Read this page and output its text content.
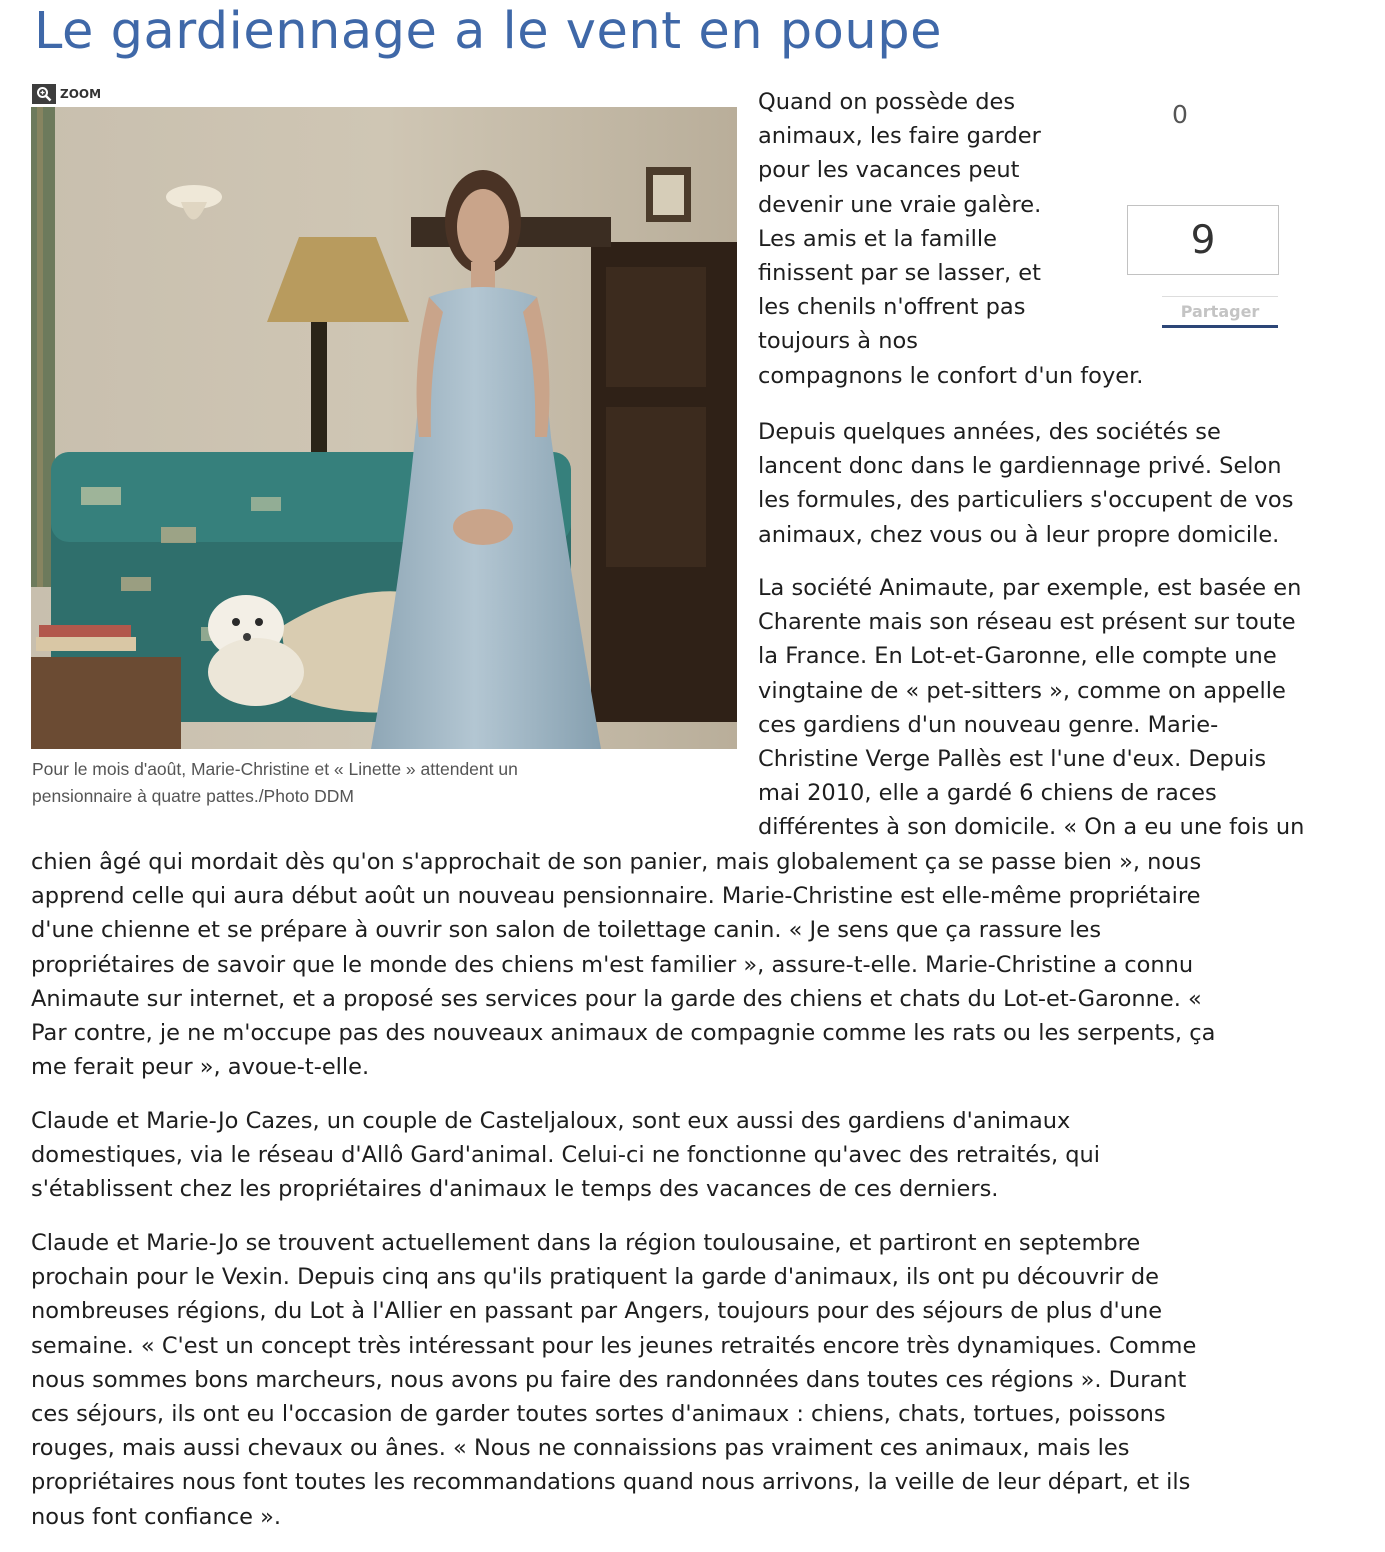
Le gardiennage a le vent en poupe
ZOOM

Pour le mois d'août, Marie-Christine et « Linette » attendent un
pensionnaire à quatre pattes./Photo DDM

0
9
Partager
Quand on possède des
animaux, les faire garder
pour les vacances peut
devenir une vraie galère.
Les amis et la famille
finissent par se lasser, et
les chenils n'offrent pas
toujours à nos
compagnons le confort d'un foyer.
Depuis quelques années, des sociétés se
lancent donc dans le gardiennage privé. Selon
les formules, des particuliers s'occupent de vos
animaux, chez vous ou à leur propre domicile.
La société Animaute, par exemple, est basée en
Charente mais son réseau est présent sur toute
la France. En Lot-et-Garonne, elle compte une
vingtaine de « pet-sitters », comme on appelle
ces gardiens d'un nouveau genre. Marie-
Christine Verge Pallès est l'une d'eux. Depuis
mai 2010, elle a gardé 6 chiens de races
différentes à son domicile. « On a eu une fois un
chien âgé qui mordait dès qu'on s'approchait de son panier, mais globalement ça se passe bien », nous
apprend celle qui aura début août un nouveau pensionnaire. Marie-Christine est elle-même propriétaire
d'une chienne et se prépare à ouvrir son salon de toilettage canin. « Je sens que ça rassure les
propriétaires de savoir que le monde des chiens m'est familier », assure-t-elle. Marie-Christine a connu
Animaute sur internet, et a proposé ses services pour la garde des chiens et chats du Lot-et-Garonne. «
Par contre, je ne m'occupe pas des nouveaux animaux de compagnie comme les rats ou les serpents, ça
me ferait peur », avoue-t-elle.
Claude et Marie-Jo Cazes, un couple de Casteljaloux, sont eux aussi des gardiens d'animaux
domestiques, via le réseau d'Allô Gard'animal. Celui-ci ne fonctionne qu'avec des retraités, qui
s'établissent chez les propriétaires d'animaux le temps des vacances de ces derniers.
Claude et Marie-Jo se trouvent actuellement dans la région toulousaine, et partiront en septembre
prochain pour le Vexin. Depuis cinq ans qu'ils pratiquent la garde d'animaux, ils ont pu découvrir de
nombreuses régions, du Lot à l'Allier en passant par Angers, toujours pour des séjours de plus d'une
semaine. « C'est un concept très intéressant pour les jeunes retraités encore très dynamiques. Comme
nous sommes bons marcheurs, nous avons pu faire des randonnées dans toutes ces régions ». Durant
ces séjours, ils ont eu l'occasion de garder toutes sortes d'animaux : chiens, chats, tortues, poissons
rouges, mais aussi chevaux ou ânes. « Nous ne connaissions pas vraiment ces animaux, mais les
propriétaires nous font toutes les recommandations quand nous arrivons, la veille de leur départ, et ils
nous font confiance ».
